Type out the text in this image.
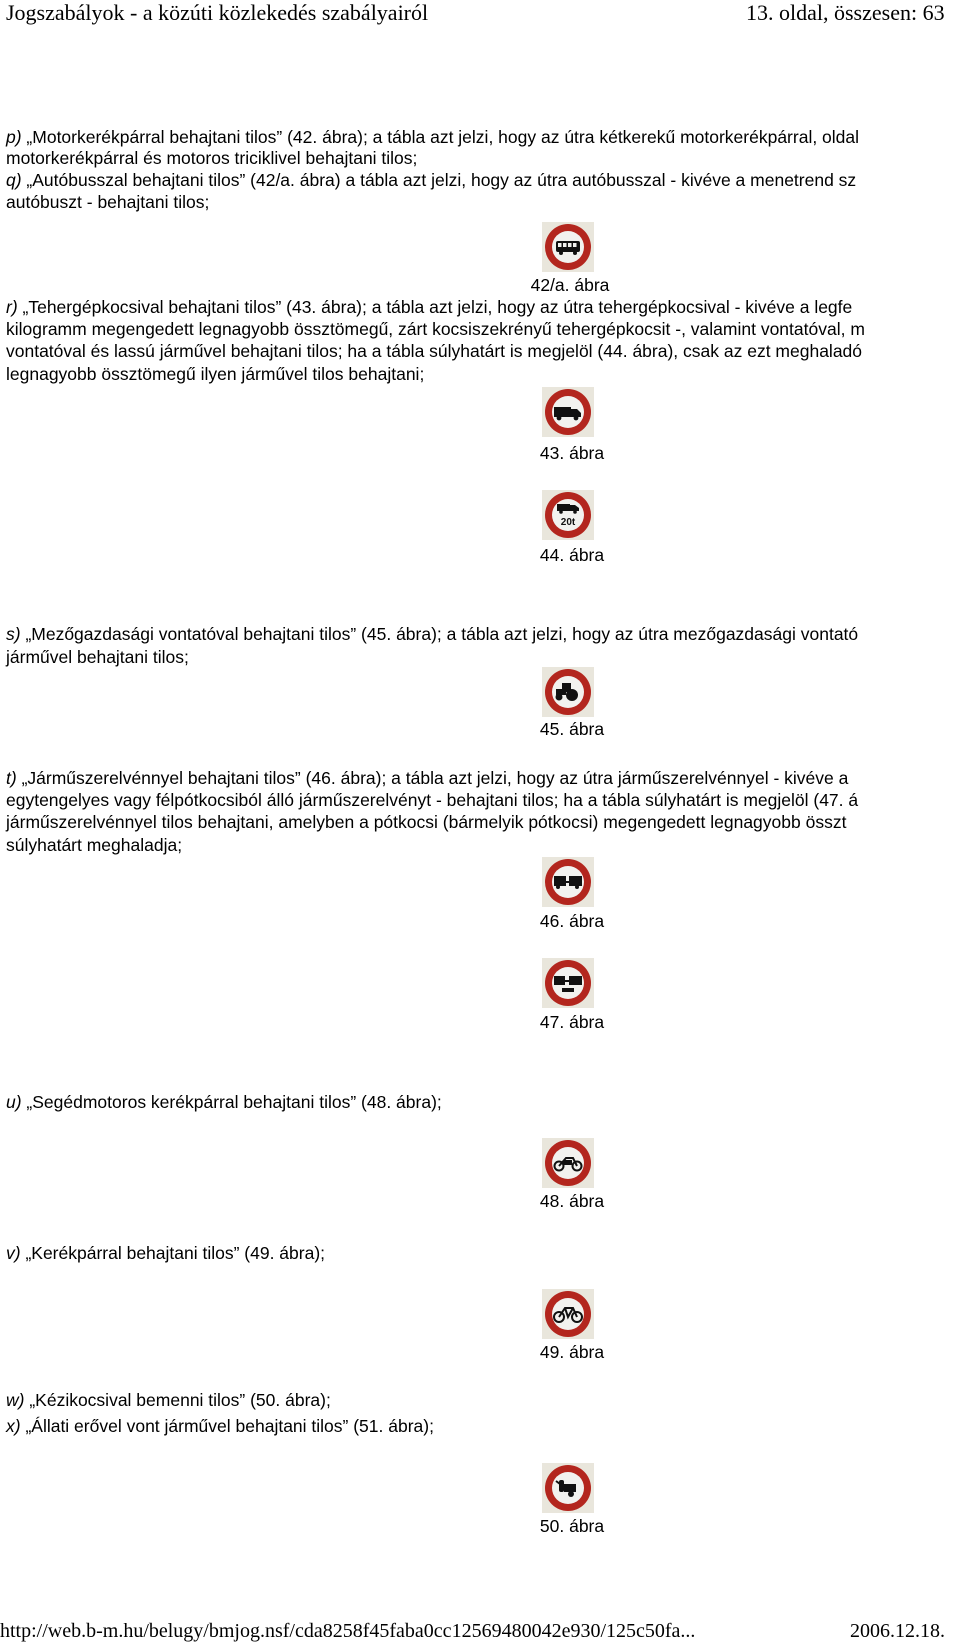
Jogszabályok - a közúti közlekedés szabályairól	13. oldal, összesen: 63
p) „Motorkerékpárral behajtani tilos” (42. ábra); a tábla azt jelzi, hogy az útra kétkerekű motorkerékpárral, oldal
motorkerékpárral és motoros triciklivel behajtani tilos;
q) „Autóbusszal behajtani tilos” (42/a. ábra) a tábla azt jelzi, hogy az útra autóbusszal - kivéve a menetrend sz
autóbuszt - behajtani tilos;
42/a. ábra
r) „Tehergépkocsival behajtani tilos” (43. ábra); a tábla azt jelzi, hogy az útra tehergépkocsival - kivéve a legfe
kilogramm megengedett legnagyobb össztömegű, zárt kocsiszekrényű tehergépkocsit -, valamint vontatóval, m
vontatóval és lassú járművel behajtani tilos; ha a tábla súlyhatárt is megjelöl (44. ábra), csak az ezt meghaladó
legnagyobb össztömegű ilyen járművel tilos behajtani;
43. ábra
20t
44. ábra
s) „Mezőgazdasági vontatóval behajtani tilos” (45. ábra); a tábla azt jelzi, hogy az útra mezőgazdasági vontató
járművel behajtani tilos;
45. ábra
t) „Járműszerelvénnyel behajtani tilos” (46. ábra); a tábla azt jelzi, hogy az útra járműszerelvénnyel - kivéve a
egytengelyes vagy félpótkocsiból álló járműszerelvényt - behajtani tilos; ha a tábla súlyhatárt is megjelöl (47. á
járműszerelvénnyel tilos behajtani, amelyben a pótkocsi (bármelyik pótkocsi) megengedett legnagyobb összt
súlyhatárt meghaladja;
46. ábra
47. ábra
u) „Segédmotoros kerékpárral behajtani tilos” (48. ábra);
48. ábra
v) „Kerékpárral behajtani tilos” (49. ábra);
49. ábra
w) „Kézikocsival bemenni tilos” (50. ábra);
x) „Állati erővel vont járművel behajtani tilos” (51. ábra);
50. ábra
http://web.b-m.hu/belugy/bmjog.nsf/cda8258f45faba0cc12569480042e930/125c50fa...	2006.12.18.
